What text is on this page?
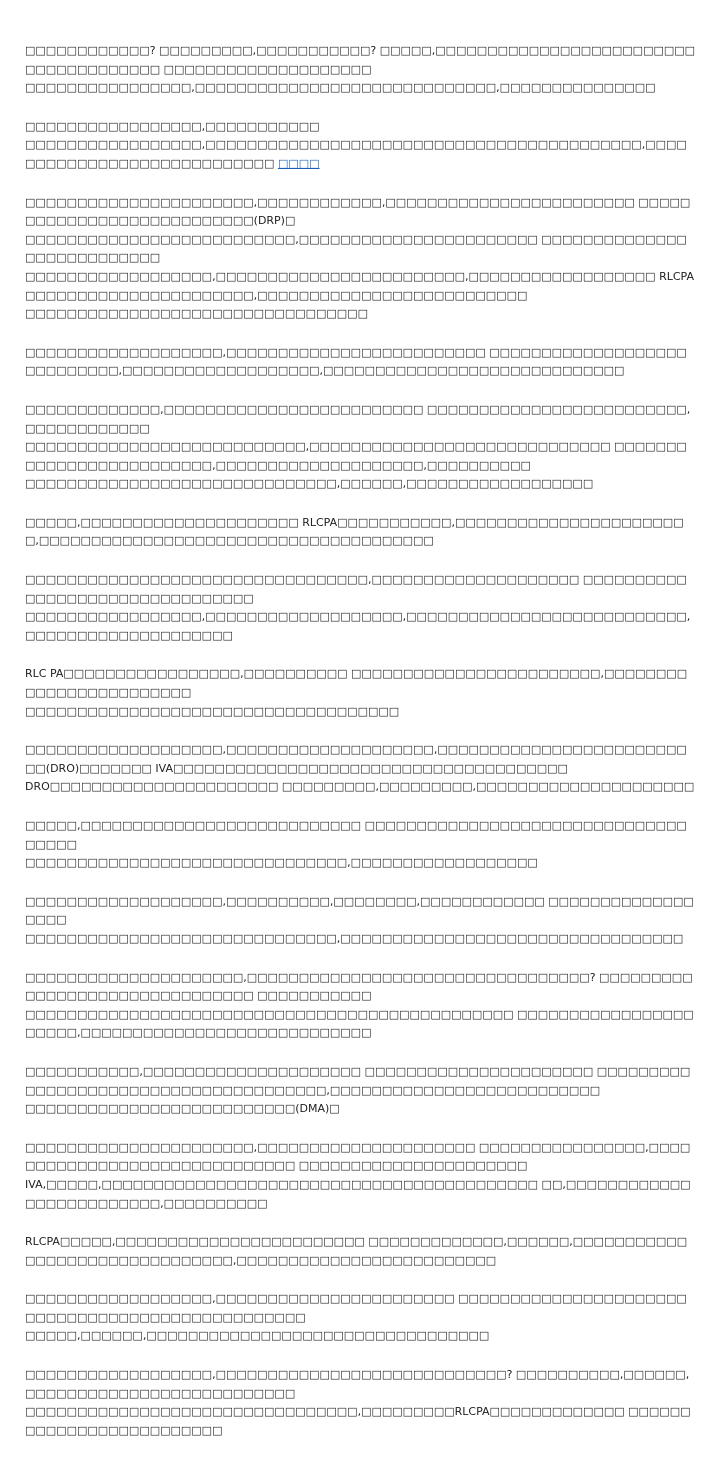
□□□□□□□□□□□□? □□□□□□□□□,□□□□□□□□□□□? □□□□□,□□□□□□□□□□□□□□□□□□□□□□□□□□□□□□□□□□□□□□ □□□□□□□□□□□□□□□□□□□□
□□□□□□□□□□□□□□□□,□□□□□□□□□□□□□□□□□□□□□□□□□□□□□,□□□□□□□□□□□□□□□

□□□□□□□□□□□□□□□□□,□□□□□□□□□□□
□□□□□□□□□□□□□□□□□,□□□□□□□□□□□□□□□□□□□□□□□□□□□□□□□□□□□□□□□□□□,□□□□□□□□□□□□□□□□□□□□□□□□□□□□ □□□□

□□□□□□□□□□□□□□□□□□□□□□,□□□□□□□□□□□□,□□□□□□□□□□□□□□□□□□□□□□□□ □□□□□□□□□□□□□□□□□□□□□□□□□□□(DRP)□
□□□□□□□□□□□□□□□□□□□□□□□□□□,□□□□□□□□□□□□□□□□□□□□□□□ □□□□□□□□□□□□□□□□□□□□□□□□□□□
□□□□□□□□□□□□□□□□□□,□□□□□□□□□□□□□□□□□□□□□□□□,□□□□□□□□□□□□□□□□□□ RLCPA□□□□□□□□□□□□□□□□□□□□□□,□□□□□□□□□□□□□□□□□□□□□□□□□□
□□□□□□□□□□□□□□□□□□□□□□□□□□□□□□□□□

□□□□□□□□□□□□□□□□□□□,□□□□□□□□□□□□□□□□□□□□□□□□□ □□□□□□□□□□□□□□□□□□□□□□□□□□□□,□□□□□□□□□□□□□□□□□□□,□□□□□□□□□□□□□□□□□□□□□□□□□□□□□

□□□□□□□□□□□□□,□□□□□□□□□□□□□□□□□□□□□□□□□ □□□□□□□□□□□□□□□□□□□□□□□□□,□□□□□□□□□□□□
□□□□□□□□□□□□□□□□□□□□□□□□□□□,□□□□□□□□□□□□□□□□□□□□□□□□□□□□□ □□□□□□□□□□□□□□□□□□□□□□□□□,□□□□□□□□□□□□□□□□□□□□,□□□□□□□□□□
□□□□□□□□□□□□□□□□□□□□□□□□□□□□□□,□□□□□□,□□□□□□□□□□□□□□□□□□

□□□□□,□□□□□□□□□□□□□□□□□□□□□ RLCPA□□□□□□□□□□□,□□□□□□□□□□□□□□□□□□□□□□□,□□□□□□□□□□□□□□□□□□□□□□□□□□□□□□□□□□□□□□

□□□□□□□□□□□□□□□□□□□□□□□□□□□□□□□□□,□□□□□□□□□□□□□□□□□□□□ □□□□□□□□□□□□□□□□□□□□□□□□□□□□□□□□
□□□□□□□□□□□□□□□□□,□□□□□□□□□□□□□□□□□□□,□□□□□□□□□□□□□□□□□□□□□□□□□□□,□□□□□□□□□□□□□□□□□□□□

RLC PA□□□□□□□□□□□□□□□□□,□□□□□□□□□□ □□□□□□□□□□□□□□□□□□□□□□□□,□□□□□□□□□□□□□□□□□□□□□□□□
□□□□□□□□□□□□□□□□□□□□□□□□□□□□□□□□□□□□

□□□□□□□□□□□□□□□□□□□,□□□□□□□□□□□□□□□□□□□□,□□□□□□□□□□□□□□□□□□□□□□□□□□(DRO)□□□□□□□ IVA□□□□□□□□□□□□□□□□□□□□□□□□□□□□□□□□□□□□□□
DRO□□□□□□□□□□□□□□□□□□□□□□ □□□□□□□□□,□□□□□□□□□,□□□□□□□□□□□□□□□□□□□□□

□□□□□,□□□□□□□□□□□□□□□□□□□□□□□□□□□ □□□□□□□□□□□□□□□□□□□□□□□□□□□□□□□□□□□□
□□□□□□□□□□□□□□□□□□□□□□□□□□□□□□□,□□□□□□□□□□□□□□□□□□

□□□□□□□□□□□□□□□□□□□,□□□□□□□□□□,□□□□□□□□,□□□□□□□□□□□□ □□□□□□□□□□□□□□□□□□
□□□□□□□□□□□□□□□□□□□□□□□□□□□□□□,□□□□□□□□□□□□□□□□□□□□□□□□□□□□□□□□□

□□□□□□□□□□□□□□□□□□□□□,□□□□□□□□□□□□□□□□□□□□□□□□□□□□□□□□□? □□□□□□□□□□□□□□□□□□□□□□□□□□□□□□□ □□□□□□□□□□□
□□□□□□□□□□□□□□□□□□□□□□□□□□□□□□□□□□□□□□□□□□□□□□□ □□□□□□□□□□□□□□□□□□□□□□,□□□□□□□□□□□□□□□□□□□□□□□□□□□□

□□□□□□□□□□□,□□□□□□□□□□□□□□□□□□□□□ □□□□□□□□□□□□□□□□□□□□□□ □□□□□□□□□□□□□□□□□□□□□□□□□□□□□□□□□□□□□□,□□□□□□□□□□□□□□□□□□□□□□□□□□
□□□□□□□□□□□□□□□□□□□□□□□□□□(DMA)□

□□□□□□□□□□□□□□□□□□□□□□,□□□□□□□□□□□□□□□□□□□□□ □□□□□□□□□□□□□□□□,□□□□□□□□□□□□□□□□□□□□□□□□□□□□□□ □□□□□□□□□□□□□□□□□□□□□□
IVA,□□□□□,□□□□□□□□□□□□□□□□□□□□□□□□□□□□□□□□□□□□□□□□□□ □□,□□□□□□□□□□□□□□□□□□□□□□□□□,□□□□□□□□□□

RLCPA□□□□□,□□□□□□□□□□□□□□□□□□□□□□□□ □□□□□□□□□□□□□,□□□□□□,□□□□□□□□□□□ □□□□□□□□□□□□□□□□□□□□,□□□□□□□□□□□□□□□□□□□□□□□□□

□□□□□□□□□□□□□□□□□□,□□□□□□□□□□□□□□□□□□□□□□□ □□□□□□□□□□□□□□□□□□□□□□□□□□□□□□□□□□□□□□□□□□□□□□□□□
□□□□□,□□□□□□,□□□□□□□□□□□□□□□□□□□□□□□□□□□□□□□□□

□□□□□□□□□□□□□□□□□□,□□□□□□□□□□□□□□□□□□□□□□□□□□□□? □□□□□□□□□□,□□□□□□,□□□□□□□□□□□□□□□□□□□□□□□□□□
□□□□□□□□□□□□□□□□□□□□□□□□□□□□□□□□,□□□□□□□□□RLCPA□□□□□□□□□□□□□ □□□□□□□□□□□□□□□□□□□□□□□□□
